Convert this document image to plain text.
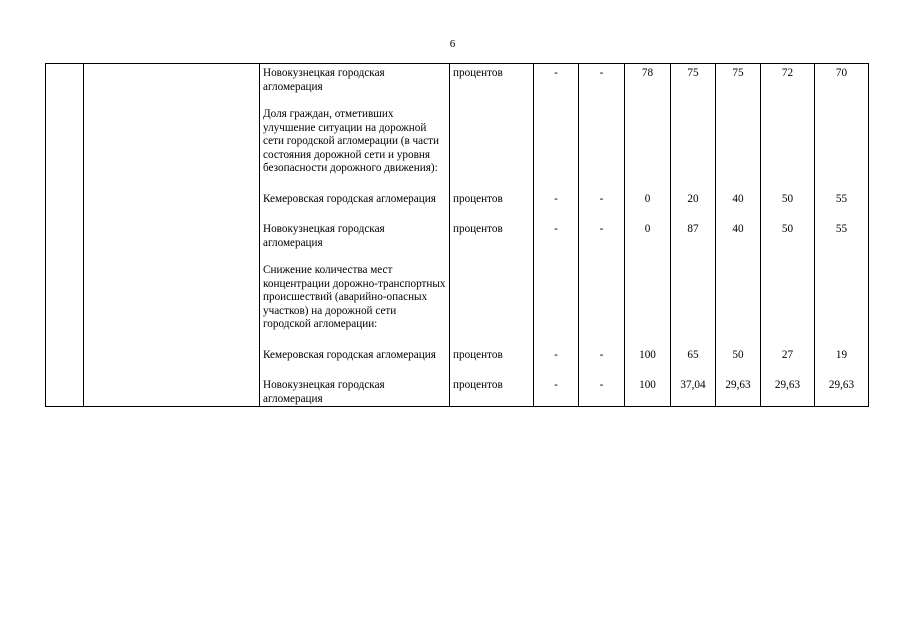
6
		Новокузнецкая городская агломерация	процентов	-	-	78	75	75	72	70

		Доля граждан, отметивших улучшение ситуации на дорожной сети городской агломерации (в части состояния дорожной сети и уровня безопасности дорожного движения):								

		Кемеровская городская агломерация	процентов	-	-	0	20	40	50	55

		Новокузнецкая городская агломерация	процентов	-	-	0	87	40	50	55

		Снижение количества мест концентрации дорожно-транспортных происшествий (аварийно-опасных участков) на дорожной сети городской агломерации:								

		Кемеровская городская агломерация	процентов	-	-	100	65	50	27	19

		Новокузнецкая городская агломерация	процентов	-	-	100	37,04	29,63	29,63	29,63
